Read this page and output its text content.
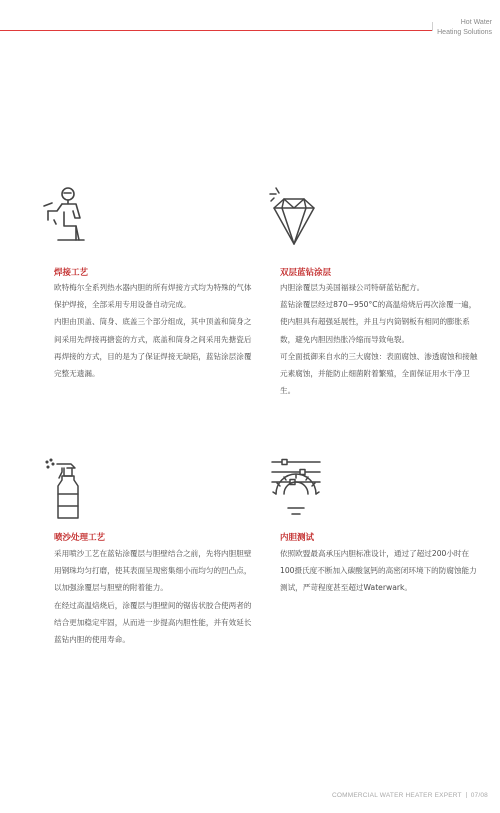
Hot Water
Heating Solutions
焊接工艺

欧特梅尔全系列热水器内胆的所有焊接方式均为特殊的气体保护焊接，全部采用专用设备自动完成。

内胆由顶盖、筒身、底盖三个部分组成，其中顶盖和筒身之间采用先焊接再搪瓷的方式，底盖和筒身之间采用先搪瓷后再焊接的方式，目的是为了保证焊接无缺陷，蓝钻涂层涂覆完整无遗漏。

双层蓝钻涂层

内胆涂覆层为美国福禄公司特研蓝钻配方。

蓝钻涂覆层经过870~950°C的高温焙烧后再次涂覆一遍，使内胆具有超强延展性，并且与内筒钢板有相同的膨胀系数，避免内胆因热胀冷缩而导致龟裂。

可全面抵御来自水的三大腐蚀：表面腐蚀、渗透腐蚀和接触元素腐蚀，并能防止细菌附着繁殖，全面保证用水干净卫生。

喷沙处理工艺

采用喷沙工艺在蓝钻涂覆层与胆壁结合之前，先将内胆胆壁用钢珠均匀打磨，使其表面呈现密集细小而均匀的凹凸点，以加强涂覆层与胆壁的附着能力。

在经过高温焙烧后，涂覆层与胆壁间的锯齿状胶合使两者的结合更加稳定牢固，从而进一步提高内胆性能，并有效延长蓝钻内胆的使用寿命。

内胆测试

依照欧盟最高承压内胆标准设计，通过了超过200小时在100摄氏度不断加入碳酸氢钙的高密闭环境下的防腐蚀能力测试，严苛程度甚至超过Waterwark。

COMMERCIAL WATER HEATER EXPERT 07/08
